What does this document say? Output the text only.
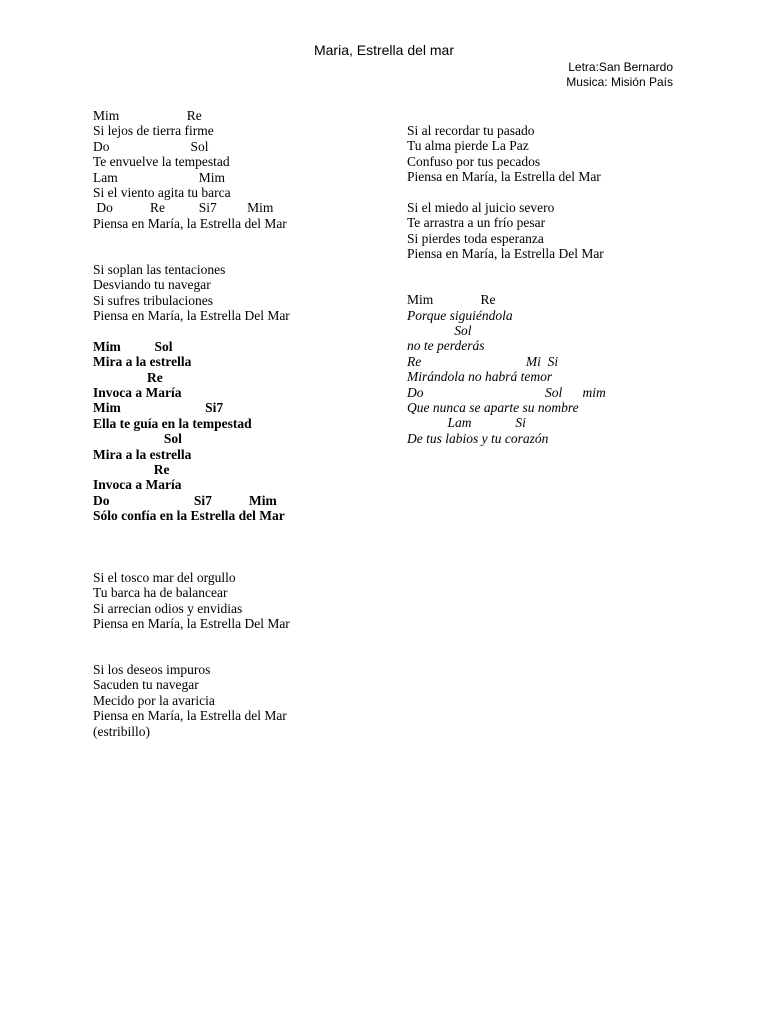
Maria, Estrella del mar
Letra:San Bernardo
Musica: Misión País
Mim                    Re
Si lejos de tierra firme
Do                        Sol
Te envuelve la tempestad
Lam                        Mim
Si el viento agita tu barca
Do           Re          Si7         Mim
Piensa en María, la Estrella del Mar
Si soplan las tentaciones
Desviando tu navegar
Si sufres tribulaciones
Piensa en María, la Estrella Del Mar
Mim          Sol
Mira a la estrella
Re
Invoca a María
Mim                         Si7
Ella te guía en la tempestad
Sol
Mira a la estrella
Re
Invoca a María
Do                         Si7           Mim
Sólo confía en la Estrella del Mar
Si el tosco mar del orgullo
Tu barca ha de balancear
Si arrecian odios y envidias
Piensa en María, la Estrella Del Mar
Si los deseos impuros
Sacuden tu navegar
Mecido por la avaricia
Piensa en María, la Estrella del Mar
(estribillo)
Si al recordar tu pasado
Tu alma pierde La Paz
Confuso por tus pecados
Piensa en María, la Estrella del Mar
Si el miedo al juicio severo
Te arrastra a un frío pesar
Si pierdes toda esperanza
Piensa en María, la Estrella Del Mar
Mim              Re
Porque siguiéndola
Sol
no te perderás
Re                               Mi  Si
Mirándola no habrá temor
Do                                    Sol      mim
Que nunca se aparte su nombre
Lam             Si
De tus labios y tu corazón
